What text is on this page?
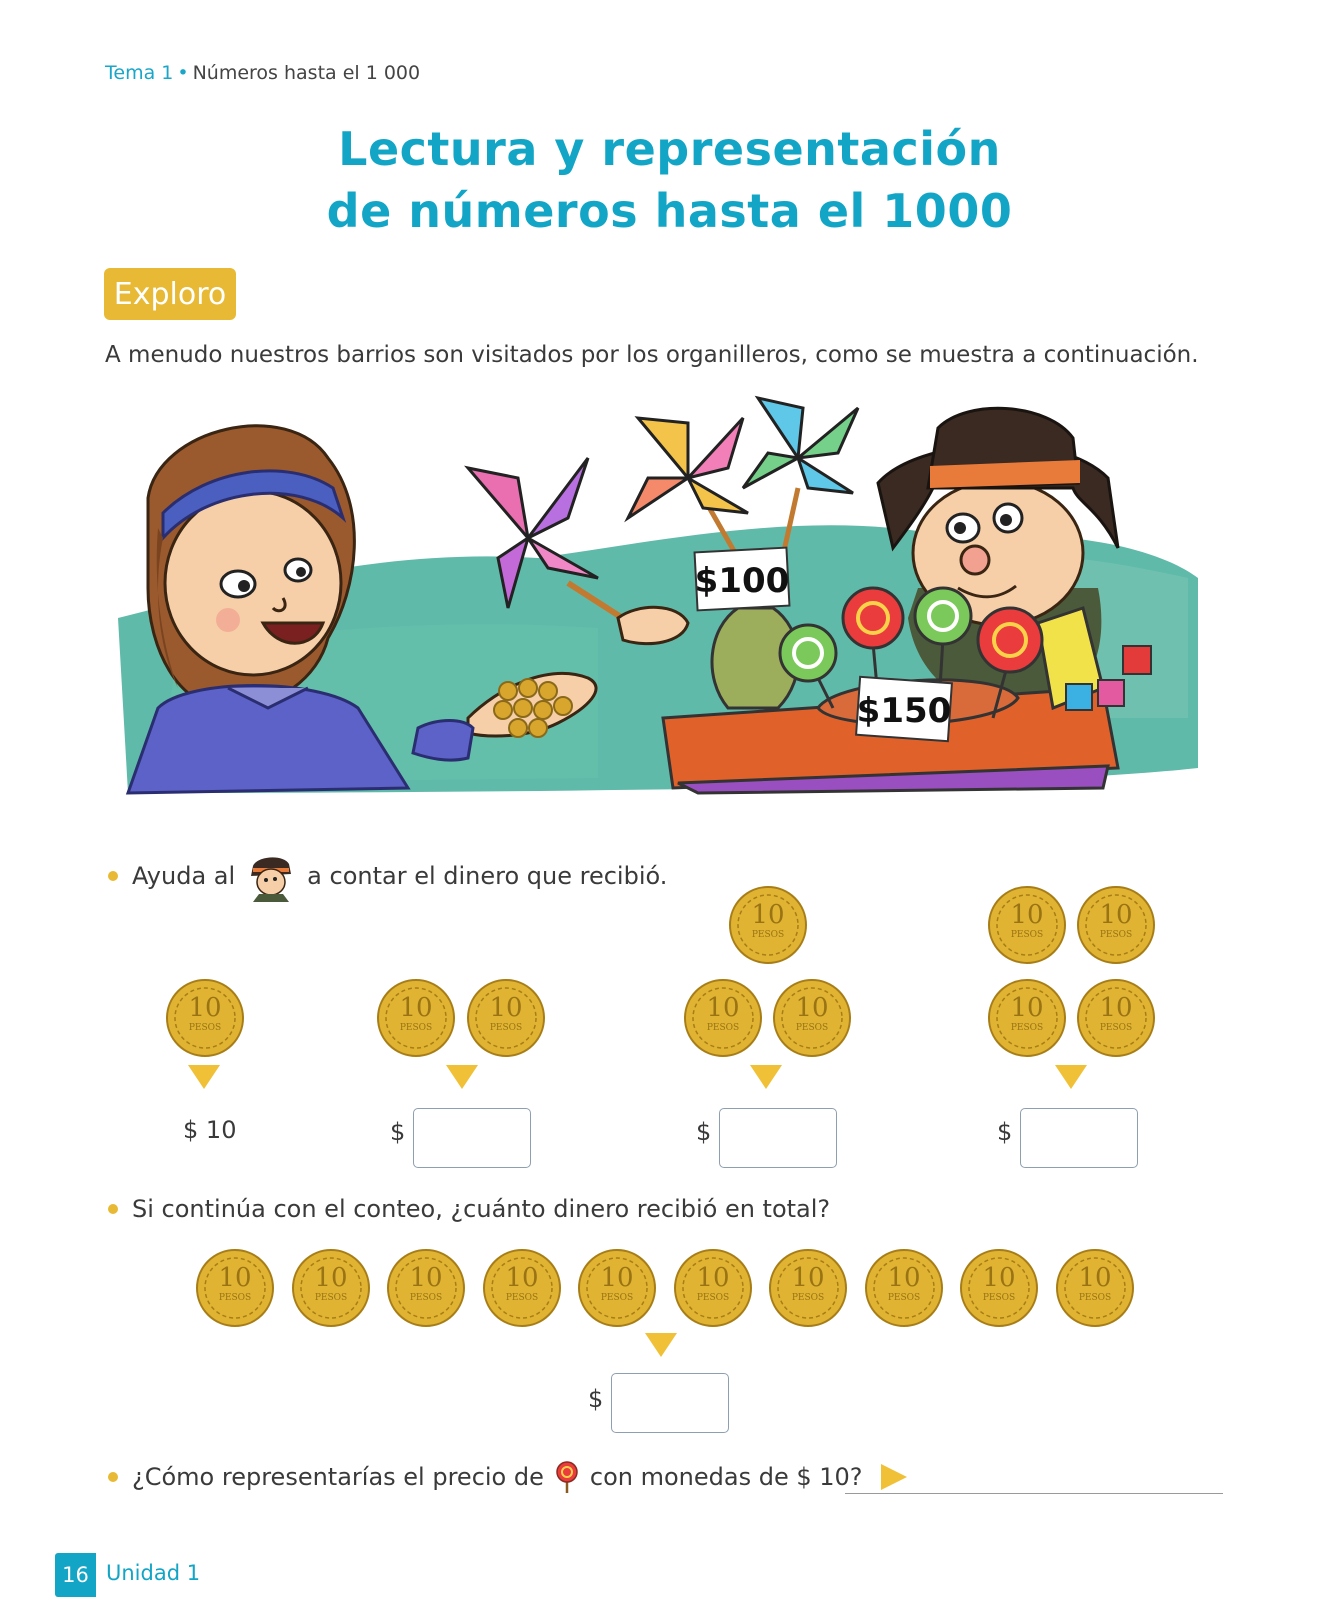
Tema 1 • Números hasta el 1 000
Lectura y representación
de números hasta el 1000
Exploro
A menudo nuestros barrios son visitados por los organilleros, como se muestra a continuación.
$100
$150
Ayuda al	a contar el dinero que recibió.
10
PESOS
$ 10
10
PESOS
10
PESOS
$
10
PESOS
10
PESOS
10
PESOS
$
10
PESOS
10
PESOS
10
PESOS
10
PESOS
$
Si continúa con el conteo, ¿cuánto dinero recibió en total?
10
PESOS
10
PESOS
10
PESOS
10
PESOS
10
PESOS
10
PESOS
10
PESOS
10
PESOS
10
PESOS
10
PESOS
$
¿Cómo representarías el precio de con monedas de $ 10?
16 Unidad 1
